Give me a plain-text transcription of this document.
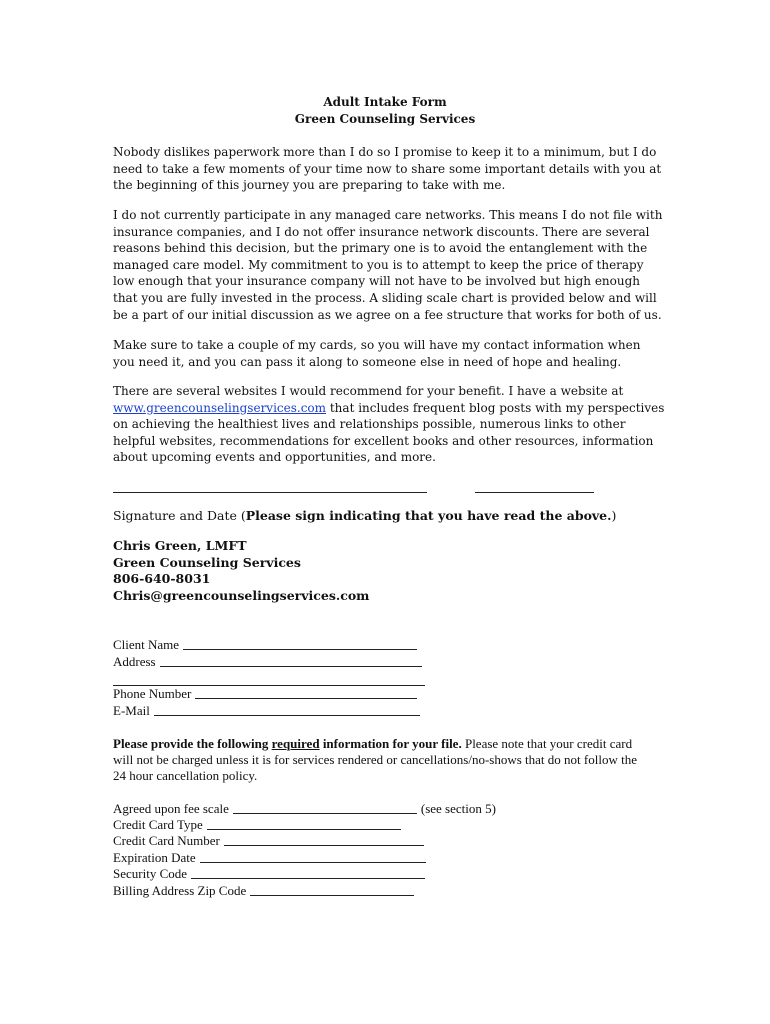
Adult Intake Form
Green Counseling Services

Nobody dislikes paperwork more than I do so I promise to keep it to a minimum, but I do need to take a few moments of your time now to share some important details with you at the beginning of this journey you are preparing to take with me.

I do not currently participate in any managed care networks. This means I do not file with insurance companies, and I do not offer insurance network discounts. There are several reasons behind this decision, but the primary one is to avoid the entanglement with the managed care model. My commitment to you is to attempt to keep the price of therapy low enough that your insurance company will not have to be involved but high enough that you are fully invested in the process. A sliding scale chart is provided below and will be a part of our initial discussion as we agree on a fee structure that works for both of us.

Make sure to take a couple of my cards, so you will have my contact information when you need it, and you can pass it along to someone else in need of hope and healing.

There are several websites I would recommend for your benefit. I have a website at
www.greencounselingservices.com that includes frequent blog posts with my perspectives on achieving the healthiest lives and relationships possible, numerous links to other helpful websites, recommendations for excellent books and other resources, information about upcoming events and opportunities, and more.

Signature and Date (Please sign indicating that you have read the above.)
Chris Green, LMFT
Green Counseling Services
806-640-8031
Chris@greencounselingservices.com
Client Name
Address
Phone Number
E-Mail

Please provide the following required information for your file. Please note that your credit card will not be charged unless it is for services rendered or cancellations/no-shows that do not follow the 24 hour cancellation policy.

Agreed upon fee scale	(see section 5)
Credit Card Type
Credit Card Number
Expiration Date
Security Code
Billing Address Zip Code
